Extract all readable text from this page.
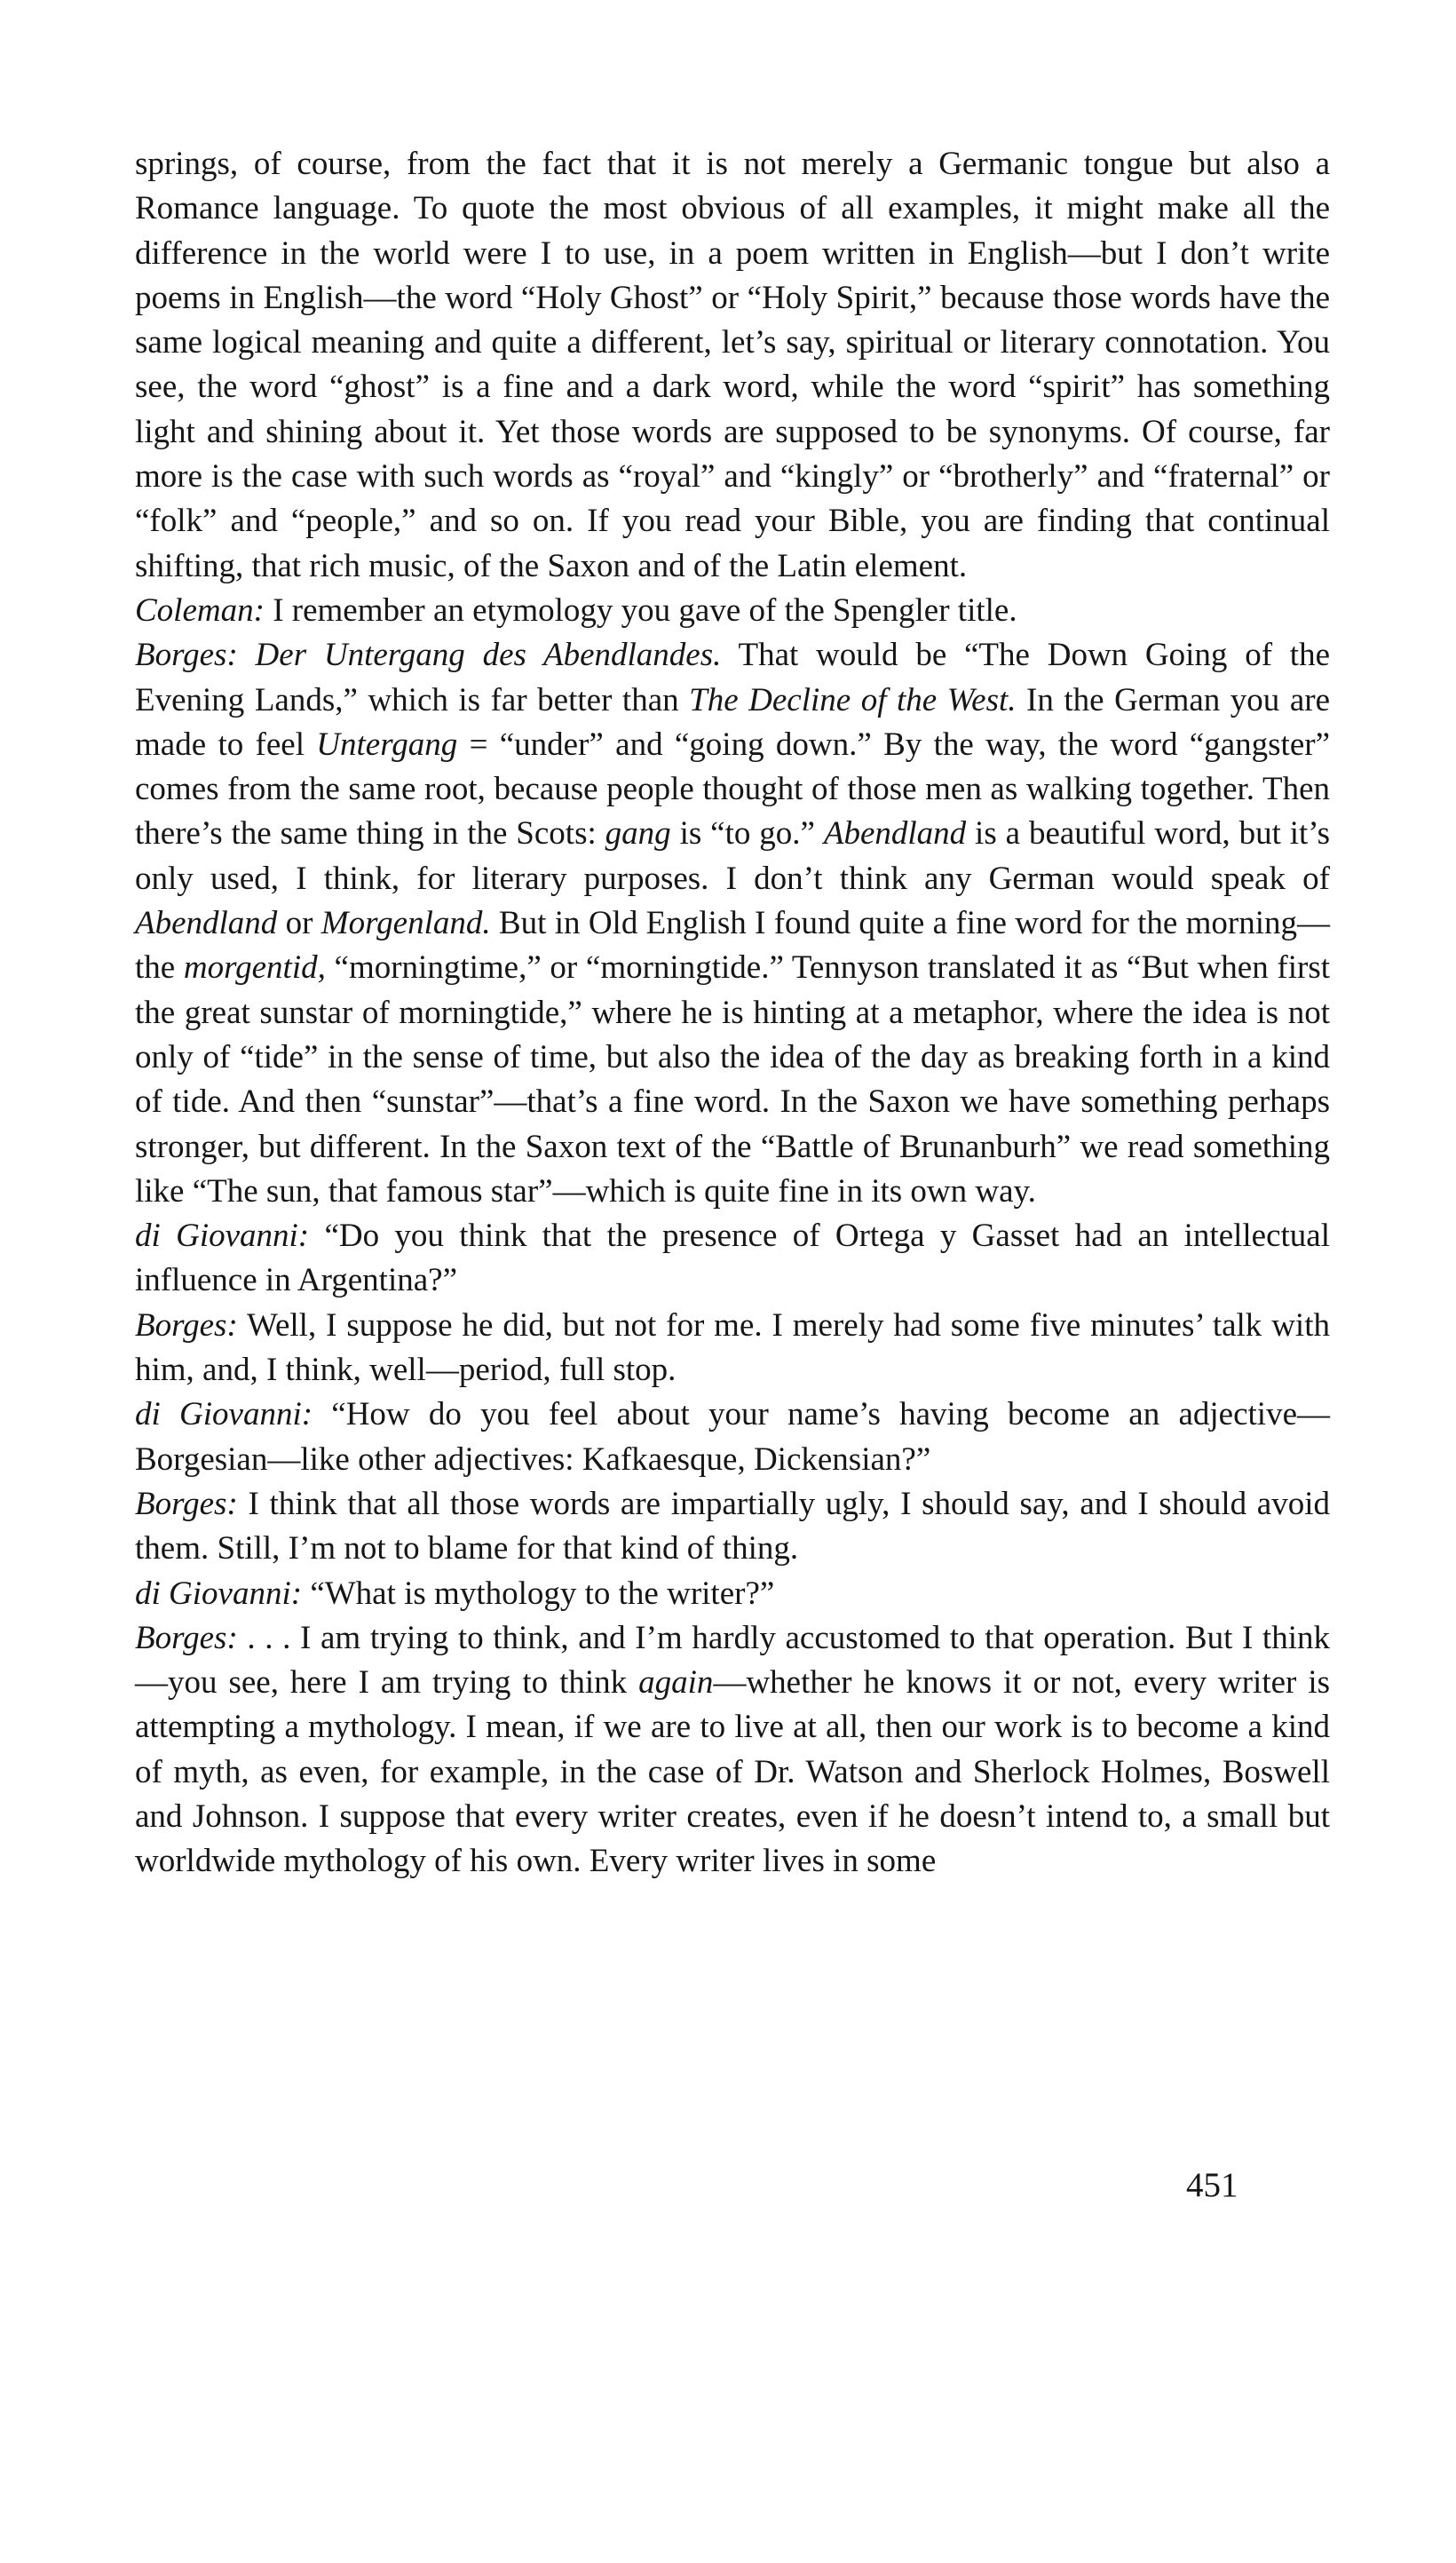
springs, of course, from the fact that it is not merely a Germanic tongue but also a Romance language. To quote the most obvious of all examples, it might make all the difference in the world were I to use, in a poem written in English—but I don’t write poems in English—the word “Holy Ghost” or “Holy Spirit,” because those words have the same logical meaning and quite a different, let’s say, spiritual or literary connotation. You see, the word “ghost” is a fine and a dark word, while the word “spirit” has something light and shining about it. Yet those words are supposed to be synonyms. Of course, far more is the case with such words as “royal” and “kingly” or “brotherly” and “fraternal” or “folk” and “people,” and so on. If you read your Bible, you are finding that continual shifting, that rich music, of the Saxon and of the Latin element.

Coleman: I remember an etymology you gave of the Spengler title.

Borges: Der Untergang des Abendlandes. That would be “The Down Going of the Evening Lands,” which is far better than The Decline of the West. In the German you are made to feel Untergang = “under” and “going down.” By the way, the word “gangster” comes from the same root, because people thought of those men as walking together. Then there’s the same thing in the Scots: gang is “to go.” Abendland is a beautiful word, but it’s only used, I think, for literary purposes. I don’t think any German would speak of Abendland or Morgenland. But in Old English I found quite a fine word for the morning—the morgentid, “morningtime,” or “morningtide.” Tennyson translated it as “But when first the great sunstar of morningtide,” where he is hinting at a metaphor, where the idea is not only of “tide” in the sense of time, but also the idea of the day as breaking forth in a kind of tide. And then “sunstar”—that’s a fine word. In the Saxon we have something perhaps stronger, but different. In the Saxon text of the “Battle of Brunanburh” we read something like “The sun, that famous star”—which is quite fine in its own way.

di Giovanni: “Do you think that the presence of Ortega y Gasset had an intellectual influence in Argentina?”

Borges: Well, I suppose he did, but not for me. I merely had some five minutes’ talk with him, and, I think, well—period, full stop.

di Giovanni: “How do you feel about your name’s having become an adjective—Borgesian—like other adjectives: Kafkaesque, Dickensian?”

Borges: I think that all those words are impartially ugly, I should say, and I should avoid them. Still, I’m not to blame for that kind of thing.

di Giovanni: “What is mythology to the writer?”

Borges: . . . I am trying to think, and I’m hardly accustomed to that operation. But I think—you see, here I am trying to think again—whether he knows it or not, every writer is attempting a mythology. I mean, if we are to live at all, then our work is to become a kind of myth, as even, for example, in the case of Dr. Watson and Sherlock Holmes, Boswell and Johnson. I suppose that every writer creates, even if he doesn’t intend to, a small but worldwide mythology of his own. Every writer lives in some

451
